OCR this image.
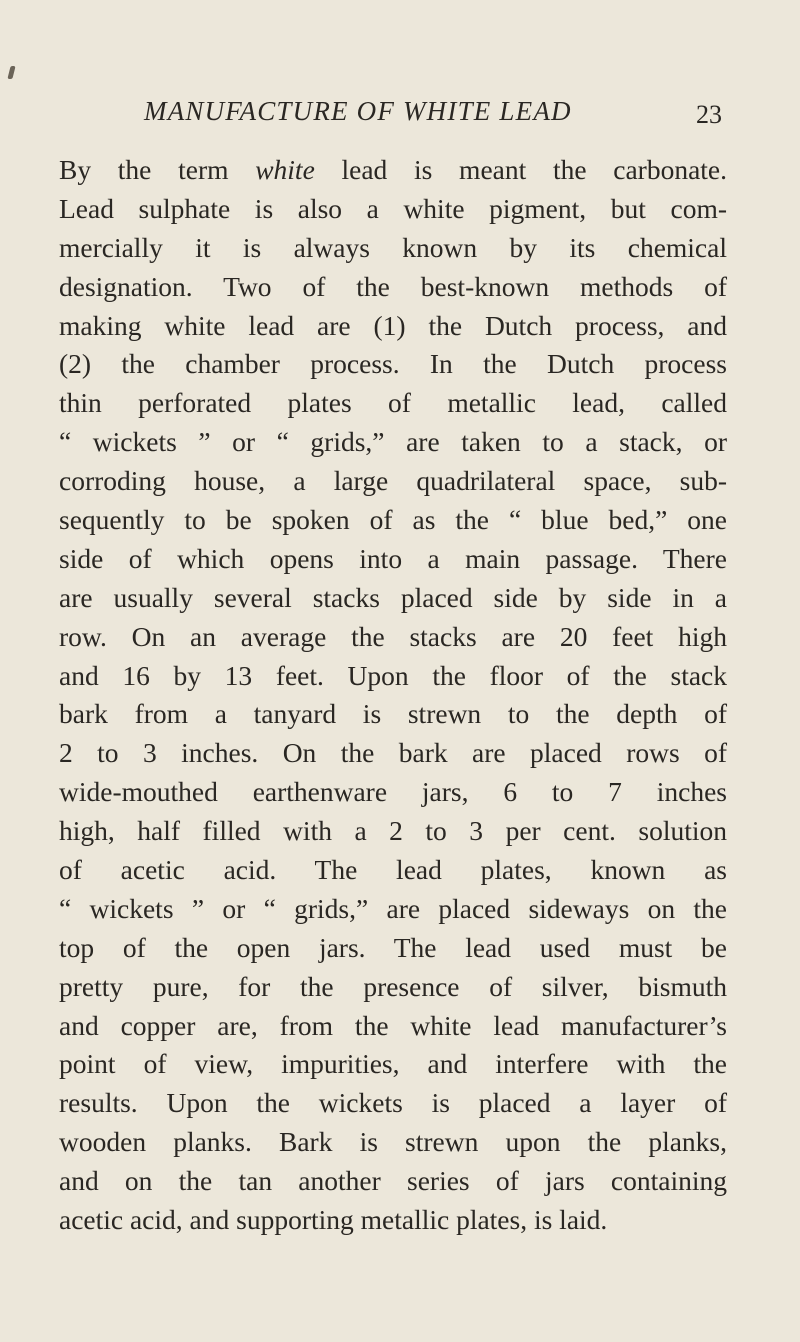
MANUFACTURE OF WHITE LEAD	23
By the term white lead is meant the carbonate.
Lead sulphate is also a white pigment, but com-
mercially it is always known by its chemical
designation. Two of the best-known methods of
making white lead are (1) the Dutch process, and
(2) the chamber process. In the Dutch process
thin perforated plates of metallic lead, called
“ wickets ” or “ grids,” are taken to a stack, or
corroding house, a large quadrilateral space, sub-
sequently to be spoken of as the “ blue bed,” one
side of which opens into a main passage. There
are usually several stacks placed side by side in a
row. On an average the stacks are 20 feet high
and 16 by 13 feet. Upon the floor of the stack
bark from a tanyard is strewn to the depth of
2 to 3 inches. On the bark are placed rows of
wide-mouthed earthenware jars, 6 to 7 inches
high, half filled with a 2 to 3 per cent. solution
of acetic acid. The lead plates, known as
“ wickets ” or “ grids,” are placed sideways on the
top of the open jars. The lead used must be
pretty pure, for the presence of silver, bismuth
and copper are, from the white lead manufacturer’s
point of view, impurities, and interfere with the
results. Upon the wickets is placed a layer of
wooden planks. Bark is strewn upon the planks,
and on the tan another series of jars containing
acetic acid, and supporting metallic plates, is laid.
